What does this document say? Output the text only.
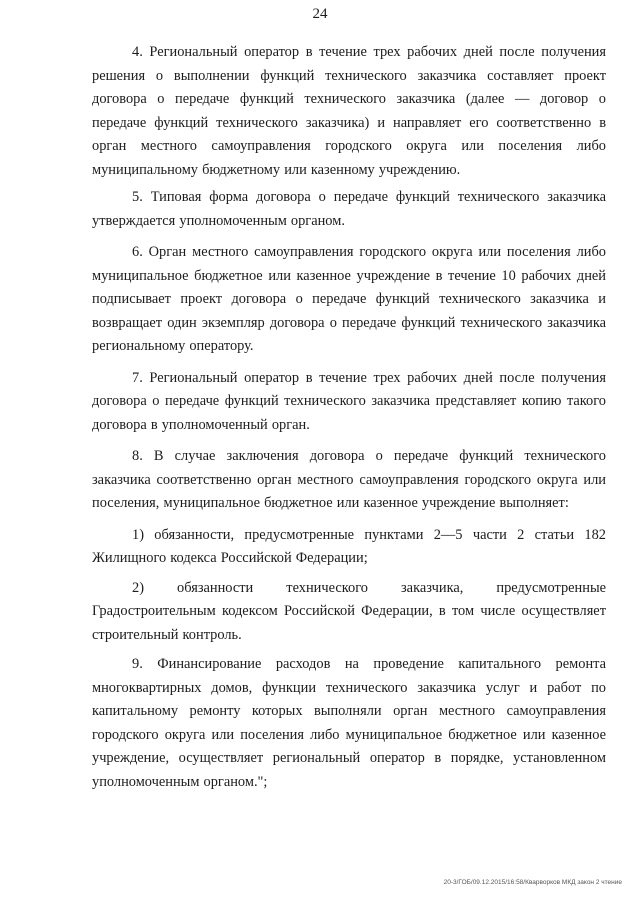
24

4. Региональный оператор в течение трех рабочих дней после получения решения о выполнении функций технического заказчика составляет проект договора о передаче функций технического заказчика (далее — договор о передаче функций технического заказчика) и направляет его соответственно в орган местного самоуправления городского округа или поселения либо муниципальному бюджетному или казенному учреждению.

5. Типовая форма договора о передаче функций технического заказчика утверждается уполномоченным органом.

6. Орган местного самоуправления городского округа или поселения либо муниципальное бюджетное или казенное учреждение в течение 10 рабочих дней подписывает проект договора о передаче функций технического заказчика и возвращает один экземпляр договора о передаче функций технического заказчика региональному оператору.

7. Региональный оператор в течение трех рабочих дней после получения договора о передаче функций технического заказчика представляет копию такого договора в уполномоченный орган.

8. В случае заключения договора о передаче функций технического заказчика соответственно орган местного самоуправления городского округа или поселения, муниципальное бюджетное или казенное учреждение выполняет:

1) обязанности, предусмотренные пунктами 2—5 части 2 статьи 182 Жилищного кодекса Российской Федерации;

2) обязанности технического заказчика, предусмотренные Градостроительным кодексом Российской Федерации, в том числе осуществляет строительный контроль.

9. Финансирование расходов на проведение капитального ремонта многоквартирных домов, функции технического заказчика услуг и работ по капитальному ремонту которых выполняли орган местного самоуправления городского округа или поселения либо муниципальное бюджетное или казенное учреждение, осуществляет региональный оператор в порядке, установленном уполномоченным органом.";

20-3/ГОБ/09.12.2015/16:58/Кварворков МКД закон 2 чтение
